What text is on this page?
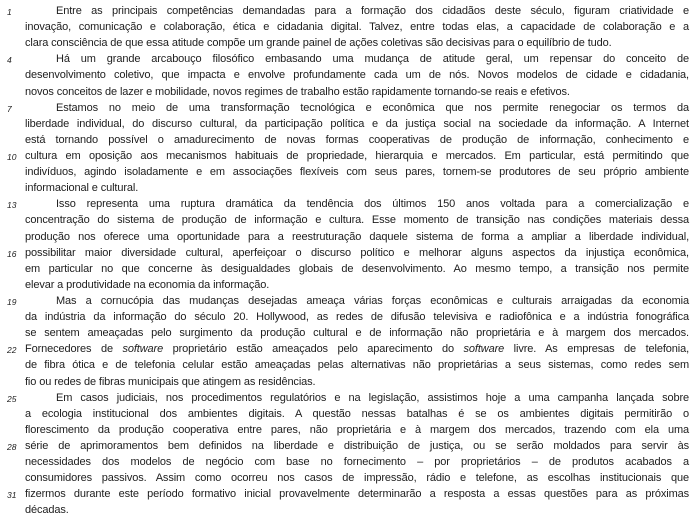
1	Entre as principais competências demandadas para a formação dos cidadãos deste século, figuram criatividade e
inovação, comunicação e colaboração, ética e cidadania digital. Talvez, entre todas elas, a capacidade de colaboração e a
clara consciência de que essa atitude compõe um grande painel de ações coletivas são decisivas para o equilíbrio de tudo.
4	Há um grande arcabouço filosófico embasando uma mudança de atitude geral, um repensar do conceito de
desenvolvimento coletivo, que impacta e envolve profundamente cada um de nós. Novos modelos de cidade e cidadania,
novos conceitos de lazer e mobilidade, novos regimes de trabalho estão rapidamente tornando-se reais e efetivos.
7	Estamos no meio de uma transformação tecnológica e econômica que nos permite renegociar os termos da
liberdade individual, do discurso cultural, da participação política e da justiça social na sociedade da informação. A Internet
está tornando possível o amadurecimento de novas formas cooperativas de produção de informação, conhecimento e
10 cultura em oposição aos mecanismos habituais de propriedade, hierarquia e mercados. Em particular, está permitindo que
indivíduos, agindo isoladamente e em associações flexíveis com seus pares, tornem-se produtores de seu próprio ambiente
informacional e cultural.
13	Isso representa uma ruptura dramática da tendência dos últimos 150 anos voltada para a comercialização e
concentração do sistema de produção de informação e cultura. Esse momento de transição nas condições materiais dessa
produção nos oferece uma oportunidade para a reestruturação daquele sistema de forma a ampliar a liberdade individual,
16 possibilitar maior diversidade cultural, aperfeiçoar o discurso político e melhorar alguns aspectos da injustiça econômica,
em particular no que concerne às desigualdades globais de desenvolvimento. Ao mesmo tempo, a transição nos permite
elevar a produtividade na economia da informação.
19	Mas a cornucópia das mudanças desejadas ameaça várias forças econômicas e culturais arraigadas da economia
da indústria da informação do século 20. Hollywood, as redes de difusão televisiva e radiofônica e a indústria fonográfica
se sentem ameaçadas pelo surgimento da produção cultural e de informação não proprietária e à margem dos mercados.
22 Fornecedores de software proprietário estão ameaçados pelo aparecimento do software livre. As empresas de telefonia,
de fibra ótica e de telefonia celular estão ameaçadas pelas alternativas não proprietárias a seus sistemas, como redes sem
fio ou redes de fibras municipais que atingem as residências.
25	Em casos judiciais, nos procedimentos regulatórios e na legislação, assistimos hoje a uma campanha lançada sobre
a ecologia institucional dos ambientes digitais. A questão nessas batalhas é se os ambientes digitais permitirão o
florescimento da produção cooperativa entre pares, não proprietária e à margem dos mercados, trazendo com ela uma
28 série de aprimoramentos bem definidos na liberdade e distribuição de justiça, ou se serão moldados para servir às
necessidades dos modelos de negócio com base no fornecimento – por proprietários – de produtos acabados a
consumidores passivos. Assim como ocorreu nos casos de impressão, rádio e telefone, as escolhas institucionais que
31 fizermos durante este período formativo inicial provavelmente determinarão a resposta a essas questões para as próximas
décadas.
